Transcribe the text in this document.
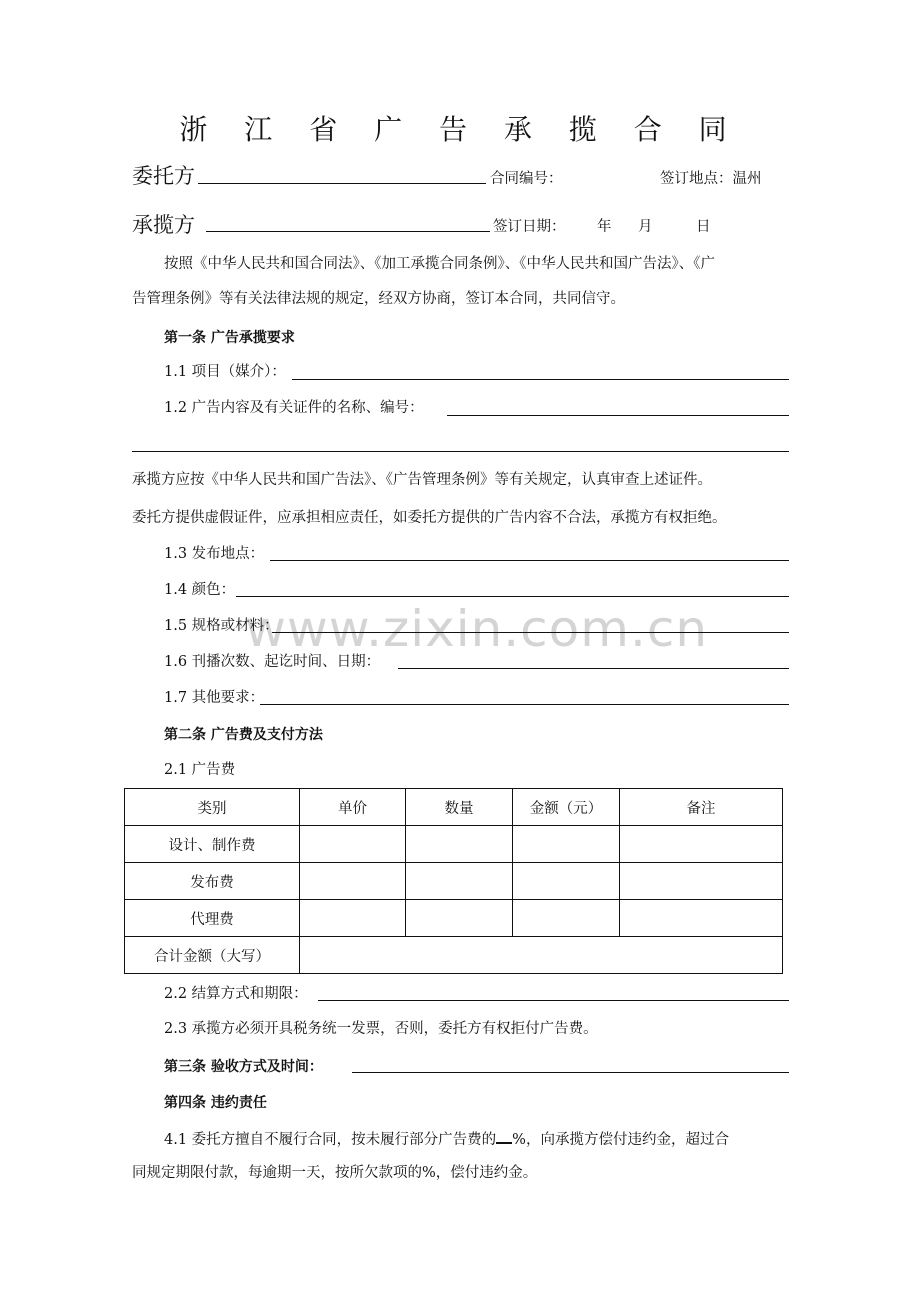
www.zixin.com.cn
浙 江 省 广 告 承 揽 合 同
委托方	合同编号：	签订地点：温州
承揽方	签订日期： 年 月	日
按照《中华人民共和国合同法》、《加工承揽合同条例》、《中华人民共和国广告法》、《广
告管理条例》等有关法律法规的规定，经双方协商，签订本合同，共同信守。
第一条 广告承揽要求
1.1 项目（媒介）：
1.2 广告内容及有关证件的名称、编号：
承揽方应按《中华人民共和国广告法》、《广告管理条例》等有关规定，认真审查上述证件。
委托方提供虚假证件，应承担相应责任，如委托方提供的广告内容不合法，承揽方有权拒绝。
1.3 发布地点：
1.4 颜色：
1.5 规格或材料：
1.6 刊播次数、起讫时间、日期：
1.7 其他要求：
第二条 广告费及支付方法
2.1 广告费
类别	单价	数量	金额（元）	备注
设计、制作费				
发布费				
代理费				
合计金额（大写）				
2.2 结算方式和期限：
2.3 承揽方必须开具税务统一发票，否则，委托方有权拒付广告费。
第三条 验收方式及时间：
第四条 违约责任
4.1 委托方擅自不履行合同，按未履行部分广告费的 %，向承揽方偿付违约金，超过合
同规定期限付款，每逾期一天，按所欠款项的%，偿付违约金。
